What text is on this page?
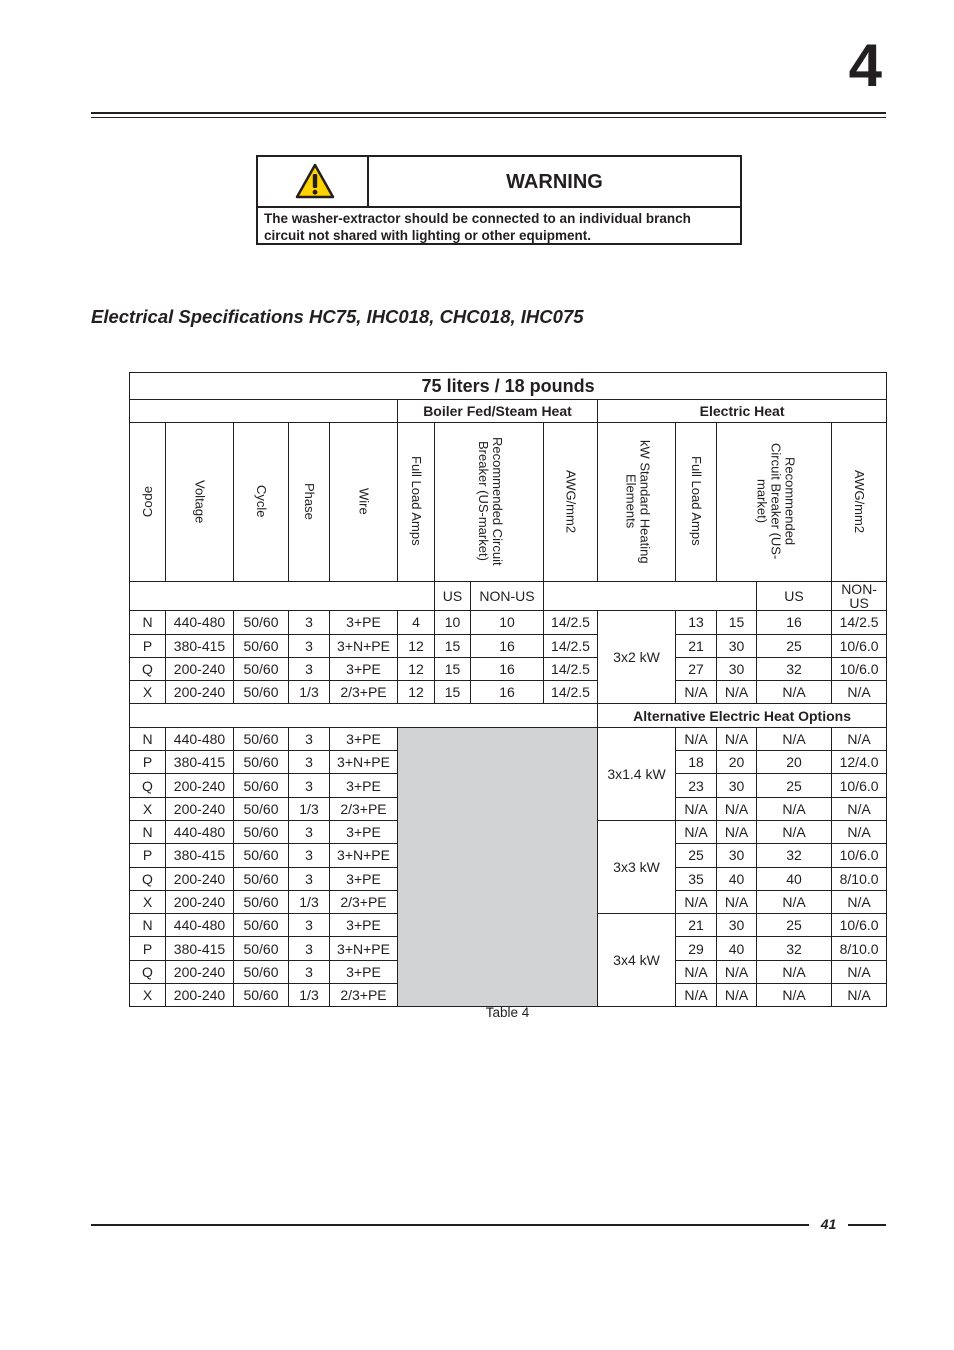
4
WARNING
The washer-extractor should be connected to an individual branch circuit not shared with lighting or other equipment.
Electrical Specifications HC75, IHC018, CHC018, IHC075
75 liters / 18 pounds														
					Boiler Fed/Steam Heat				Electric Heat					
Code	Voltage	Cycle	Phase	Wire	Full Load Amps	Recommended Circuit Breaker (US-market)		AWG/mm2	kW Standard Heating Elements	Full Load Amps	Recommended Circuit Breaker (US-market)		AWG/mm2	
						US	NON-US					US	NON-US	
N	440-480	50/60	3	3+PE	4	10	10	14/2.5	3x2 kW	13	15	16	14/2.5	
P	380-415	50/60	3	3+N+PE	12	15	16	14/2.5		21	30	25	10/6.0	
Q	200-240	50/60	3	3+PE	12	15	16	14/2.5		27	30	32	10/6.0	
X	200-240	50/60	1/3	2/3+PE	12	15	16	14/2.5		N/A	N/A	N/A	N/A	
									Alternative Electric Heat Options					
N	440-480	50/60	3	3+PE					3x1.4 kW	N/A	N/A	N/A	N/A	
P	380-415	50/60	3	3+N+PE						18	20	20	12/4.0	
Q	200-240	50/60	3	3+PE						23	30	25	10/6.0	
X	200-240	50/60	1/3	2/3+PE						N/A	N/A	N/A	N/A	
N	440-480	50/60	3	3+PE					3x3 kW	N/A	N/A	N/A	N/A	
P	380-415	50/60	3	3+N+PE						25	30	32	10/6.0	
Q	200-240	50/60	3	3+PE						35	40	40	8/10.0	
X	200-240	50/60	1/3	2/3+PE						N/A	N/A	N/A	N/A	
N	440-480	50/60	3	3+PE					3x4 kW	21	30	25	10/6.0	
P	380-415	50/60	3	3+N+PE						29	40	32	8/10.0	
Q	200-240	50/60	3	3+PE						N/A	N/A	N/A	N/A	
X	200-240	50/60	1/3	2/3+PE						N/A	N/A	N/A	N/A	
Table 4
41
